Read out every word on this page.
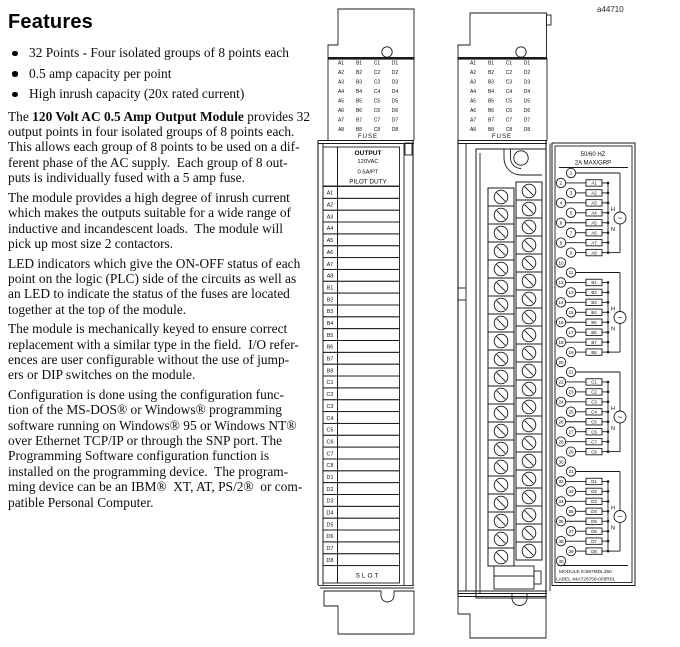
a44710
Features
32 Points - Four isolated groups of 8 points each
0.5 amp capacity per point
High inrush capacity (20x rated current)
The 120 Volt AC 0.5 Amp Output Module provides 32
output points in four isolated groups of 8 points each.
This allows each group of 8 points to be used on a dif-
ferent phase of the AC supply.  Each group of 8 out-
puts is individually fused with a 5 amp fuse.
The module provides a high degree of inrush current
which makes the outputs suitable for a wide range of
inductive and incandescent loads.  The module will
pick up most size 2 contactors.
LED indicators which give the ON-OFF status of each
point on the logic (PLC) side of the circuits as well as
an LED to indicate the status of the fuses are located
together at the top of the module.
The module is mechanically keyed to ensure correct
replacement with a similar type in the field.  I/O refer-
ences are user configurable without the use of jump-
ers or DIP switches on the module.
Configuration is done using the configuration func-
tion of the MS-DOS® or Windows® programming
software running on Windows® 95 or Windows NT®
over Ethernet TCP/IP or through the SNP port. The
Programming Software configuration function is
installed on the programming device.  The program-
ming device can be an IBM®  XT, AT, PS/2®  or com-
patible Personal Computer.
A1
A2
A3
A4
A5
A6
A7
A8
B1
B2
B3
B4
B5
B6
B7
B8
C1
C2
C3
C4
C5
C6
C7
C8
D1
D2
D3
D4
D5
D6
D7
D8
FUSE
OUTPUT
120VAC
0.5A/PT
PILOT DUTY
A1
A2
A3
A4
A5
A6
A7
A8
B1
B2
B3
B4
B5
B6
B7
B8
C1
C2
C3
C4
C5
C6
C7
C8
D1
D2
D3
D4
D5
D6
D7
D8
SLOT
A1
A2
A3
A4
A5
A6
A7
A8
B1
B2
B3
B4
B5
B6
B7
B8
C1
C2
C3
C4
C5
C6
C7
C8
D1
D2
D3
D4
D5
D6
D7
D8
FUSE
50/60 HZ
2A MAX/GRP
1
2
3
4
5
6
7
8
9
10
11
12
13
14
15
16
17
18
19
20
21
22
23
24
25
26
27
28
29
30
31
32
33
34
35
36
37
38
39
40
~
H
N
A1
A2
A3
A4
A5
A6
A7
A8
~
H
N
B1
B2
B3
B4
B5
B6
B7
B8
~
H
N
C1
C2
C3
C4
C5
C6
C7
C8
~
H
N
D1
D2
D3
D4
D5
D6
D7
D8
MODULE IC697MDL350
LABEL 44A726758-005R01
